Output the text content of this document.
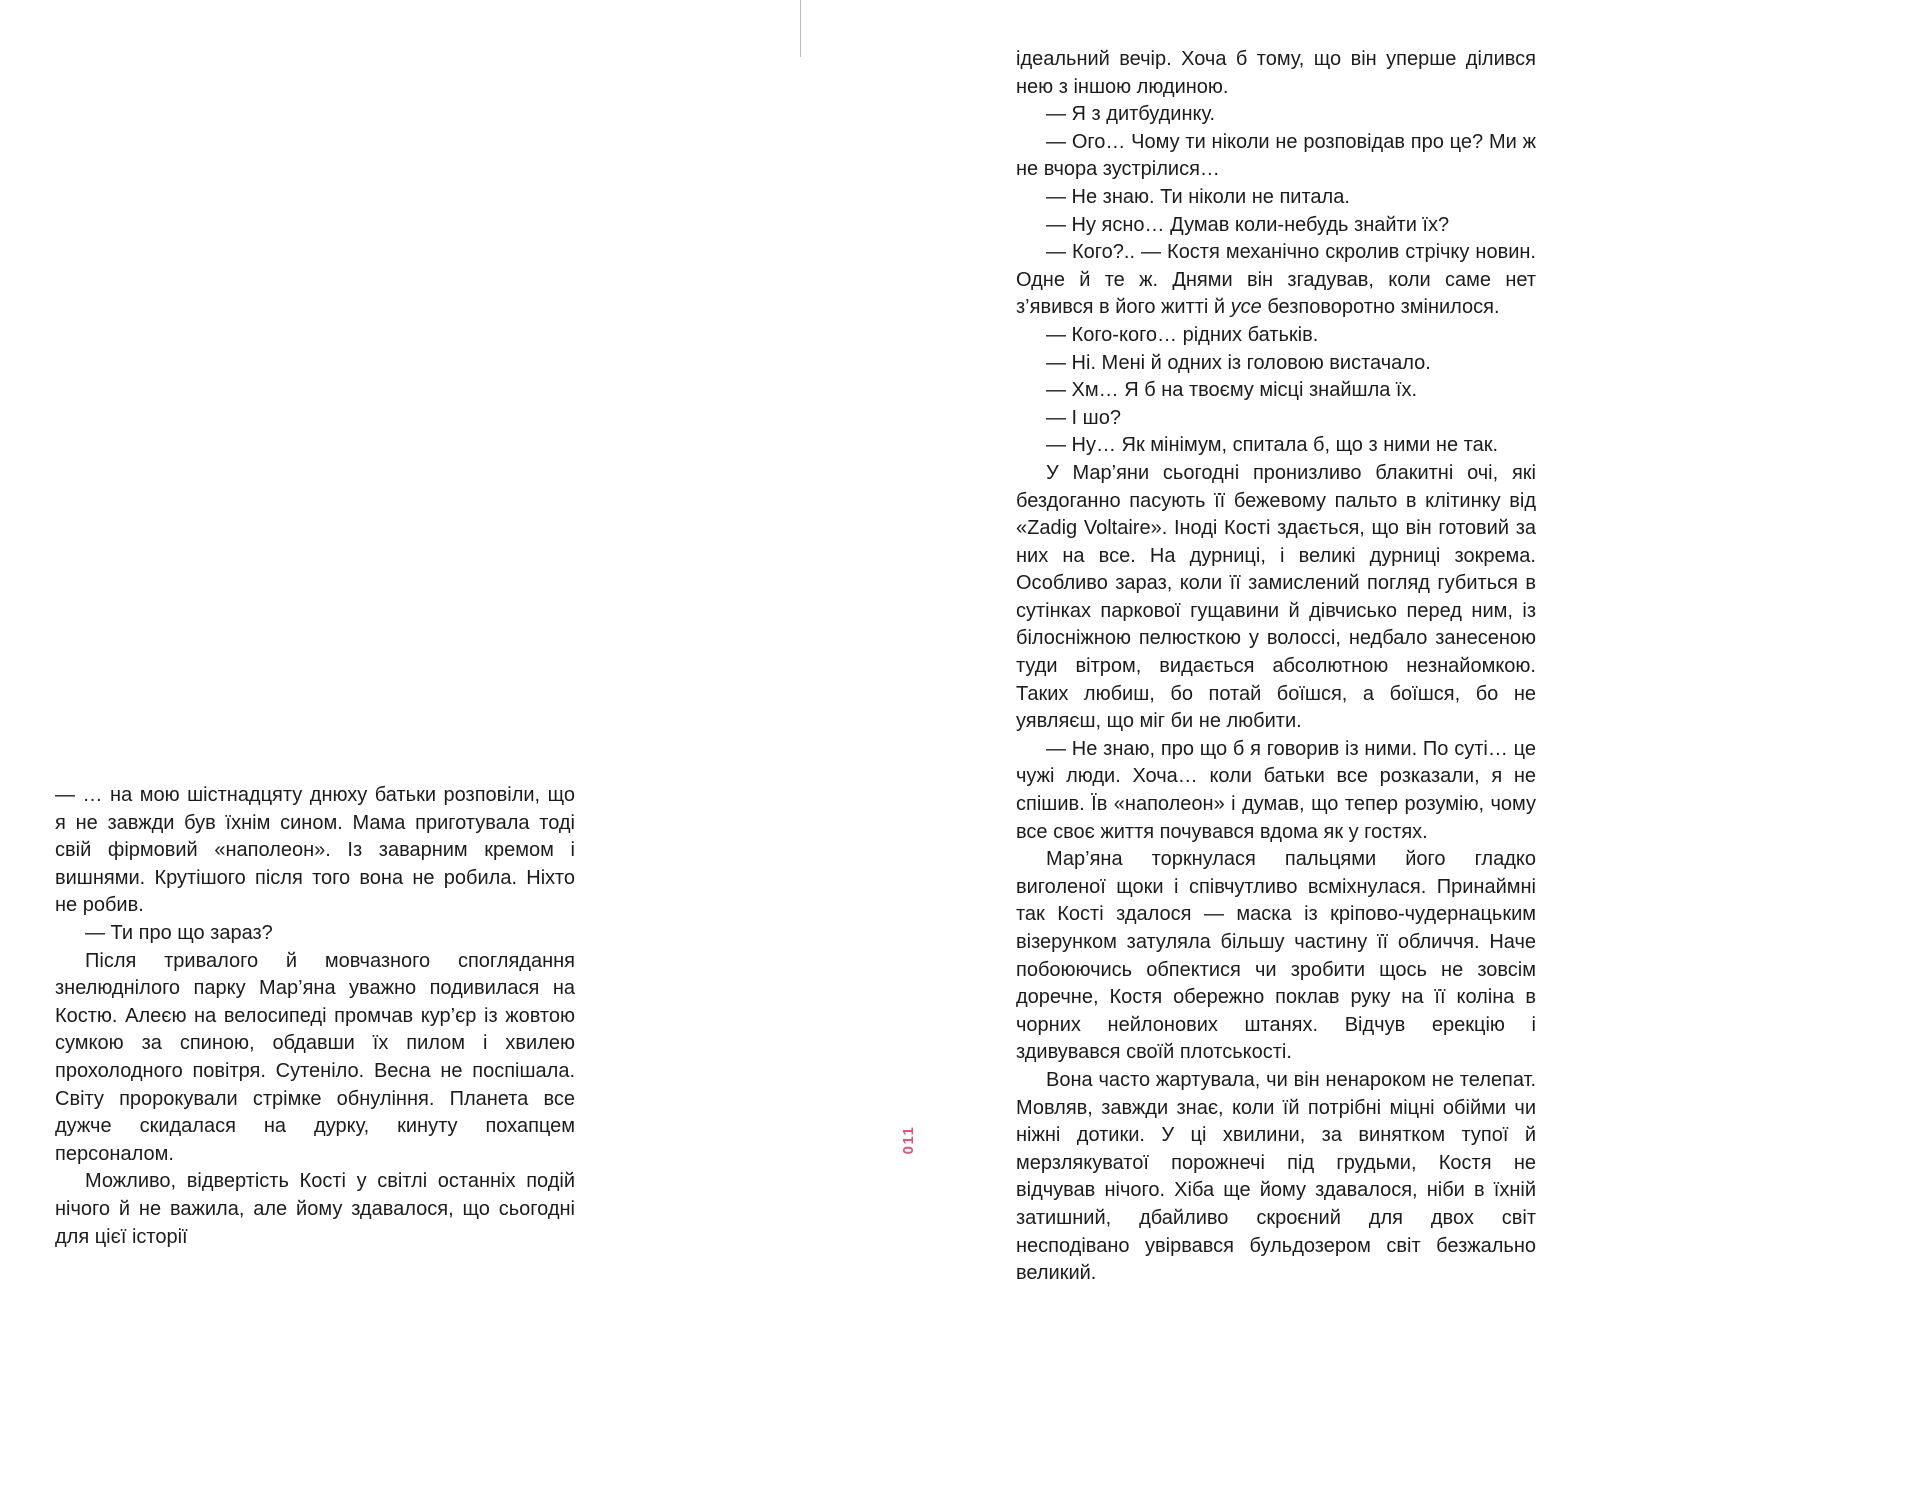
011

— … на мою шістнадцяту днюху батьки розповіли, що я не завжди був їхнім сином. Мама приготувала тоді свій фірмовий «наполеон». Із заварним кремом і вишнями. Крутішого після того вона не робила. Ніхто не робив.

— Ти про що зараз?

Після тривалого й мовчазного споглядання знелюднілого парку Мар’яна уважно подивилася на Костю. Алеєю на велосипеді промчав кур’єр із жовтою сумкою за спиною, обдавши їх пилом і хвилею прохолодного повітря. Сутеніло. Весна не поспішала. Світу пророкували стрімке обнуління. Планета все дужче скидалася на дурку, кинуту похапцем персоналом.

Можливо, відвертість Кості у світлі останніх подій нічого й не важила, але йому здавалося, що сьогодні для цієї історії

ідеальний вечір. Хоча б тому, що він уперше ділився нею з іншою людиною.

— Я з дитбудинку.

— Ого… Чому ти ніколи не розповідав про це? Ми ж не вчора зустрілися…

— Не знаю. Ти ніколи не питала.

— Ну ясно… Думав коли-небудь знайти їх?

— Кого?.. — Костя механічно скролив стрічку новин. Одне й те ж. Днями він згадував, коли саме нет з’явився в його житті й усе безповоротно змінилося.

— Кого-кого… рідних батьків.

— Ні. Мені й одних із головою вистачало.

— Хм… Я б на твоєму місці знайшла їх.

— І шо?

— Ну… Як мінімум, спитала б, що з ними не так.

У Мар’яни сьогодні пронизливо блакитні очі, які бездоганно пасують її бежевому пальто в клітинку від «Zadig Voltaire». Іноді Кості здається, що він готовий за них на все. На дурниці, і великі дурниці зокрема. Особливо зараз, коли її замислений погляд губиться в сутінках паркової гущавини й дівчисько перед ним, із білосніжною пелюсткою у волоссі, недбало занесеною туди вітром, видається абсолютною незнайомкою. Таких любиш, бо потай боїшся, а боїшся, бо не уявляєш, що міг би не любити.

— Не знаю, про що б я говорив із ними. По суті… це чужі люди. Хоча… коли батьки все розказали, я не спішив. Їв «наполеон» і думав, що тепер розумію, чому все своє життя почувався вдома як у гостях.

Мар’яна торкнулася пальцями його гладко виголеної щоки і співчутливо всміхнулася. Принаймні так Кості здалося — маска із кріпово-чудернацьким візерунком затуляла більшу частину її обличчя. Наче побоюючись обпектися чи зробити щось не зовсім доречне, Костя обережно поклав руку на її коліна в чорних нейлонових штанях. Відчув ерекцію і здивувався своїй плотськості.

Вона часто жартувала, чи він ненароком не телепат. Мовляв, завжди знає, коли їй потрібні міцні обійми чи ніжні дотики. У ці хвилини, за винятком тупої й мерзлякуватої порожнечі під грудьми, Костя не відчував нічого. Хіба ще йому здавалося, ніби в їхній затишний, дбайливо скроєний для двох світ несподівано увірвався бульдозером світ безжально великий.
